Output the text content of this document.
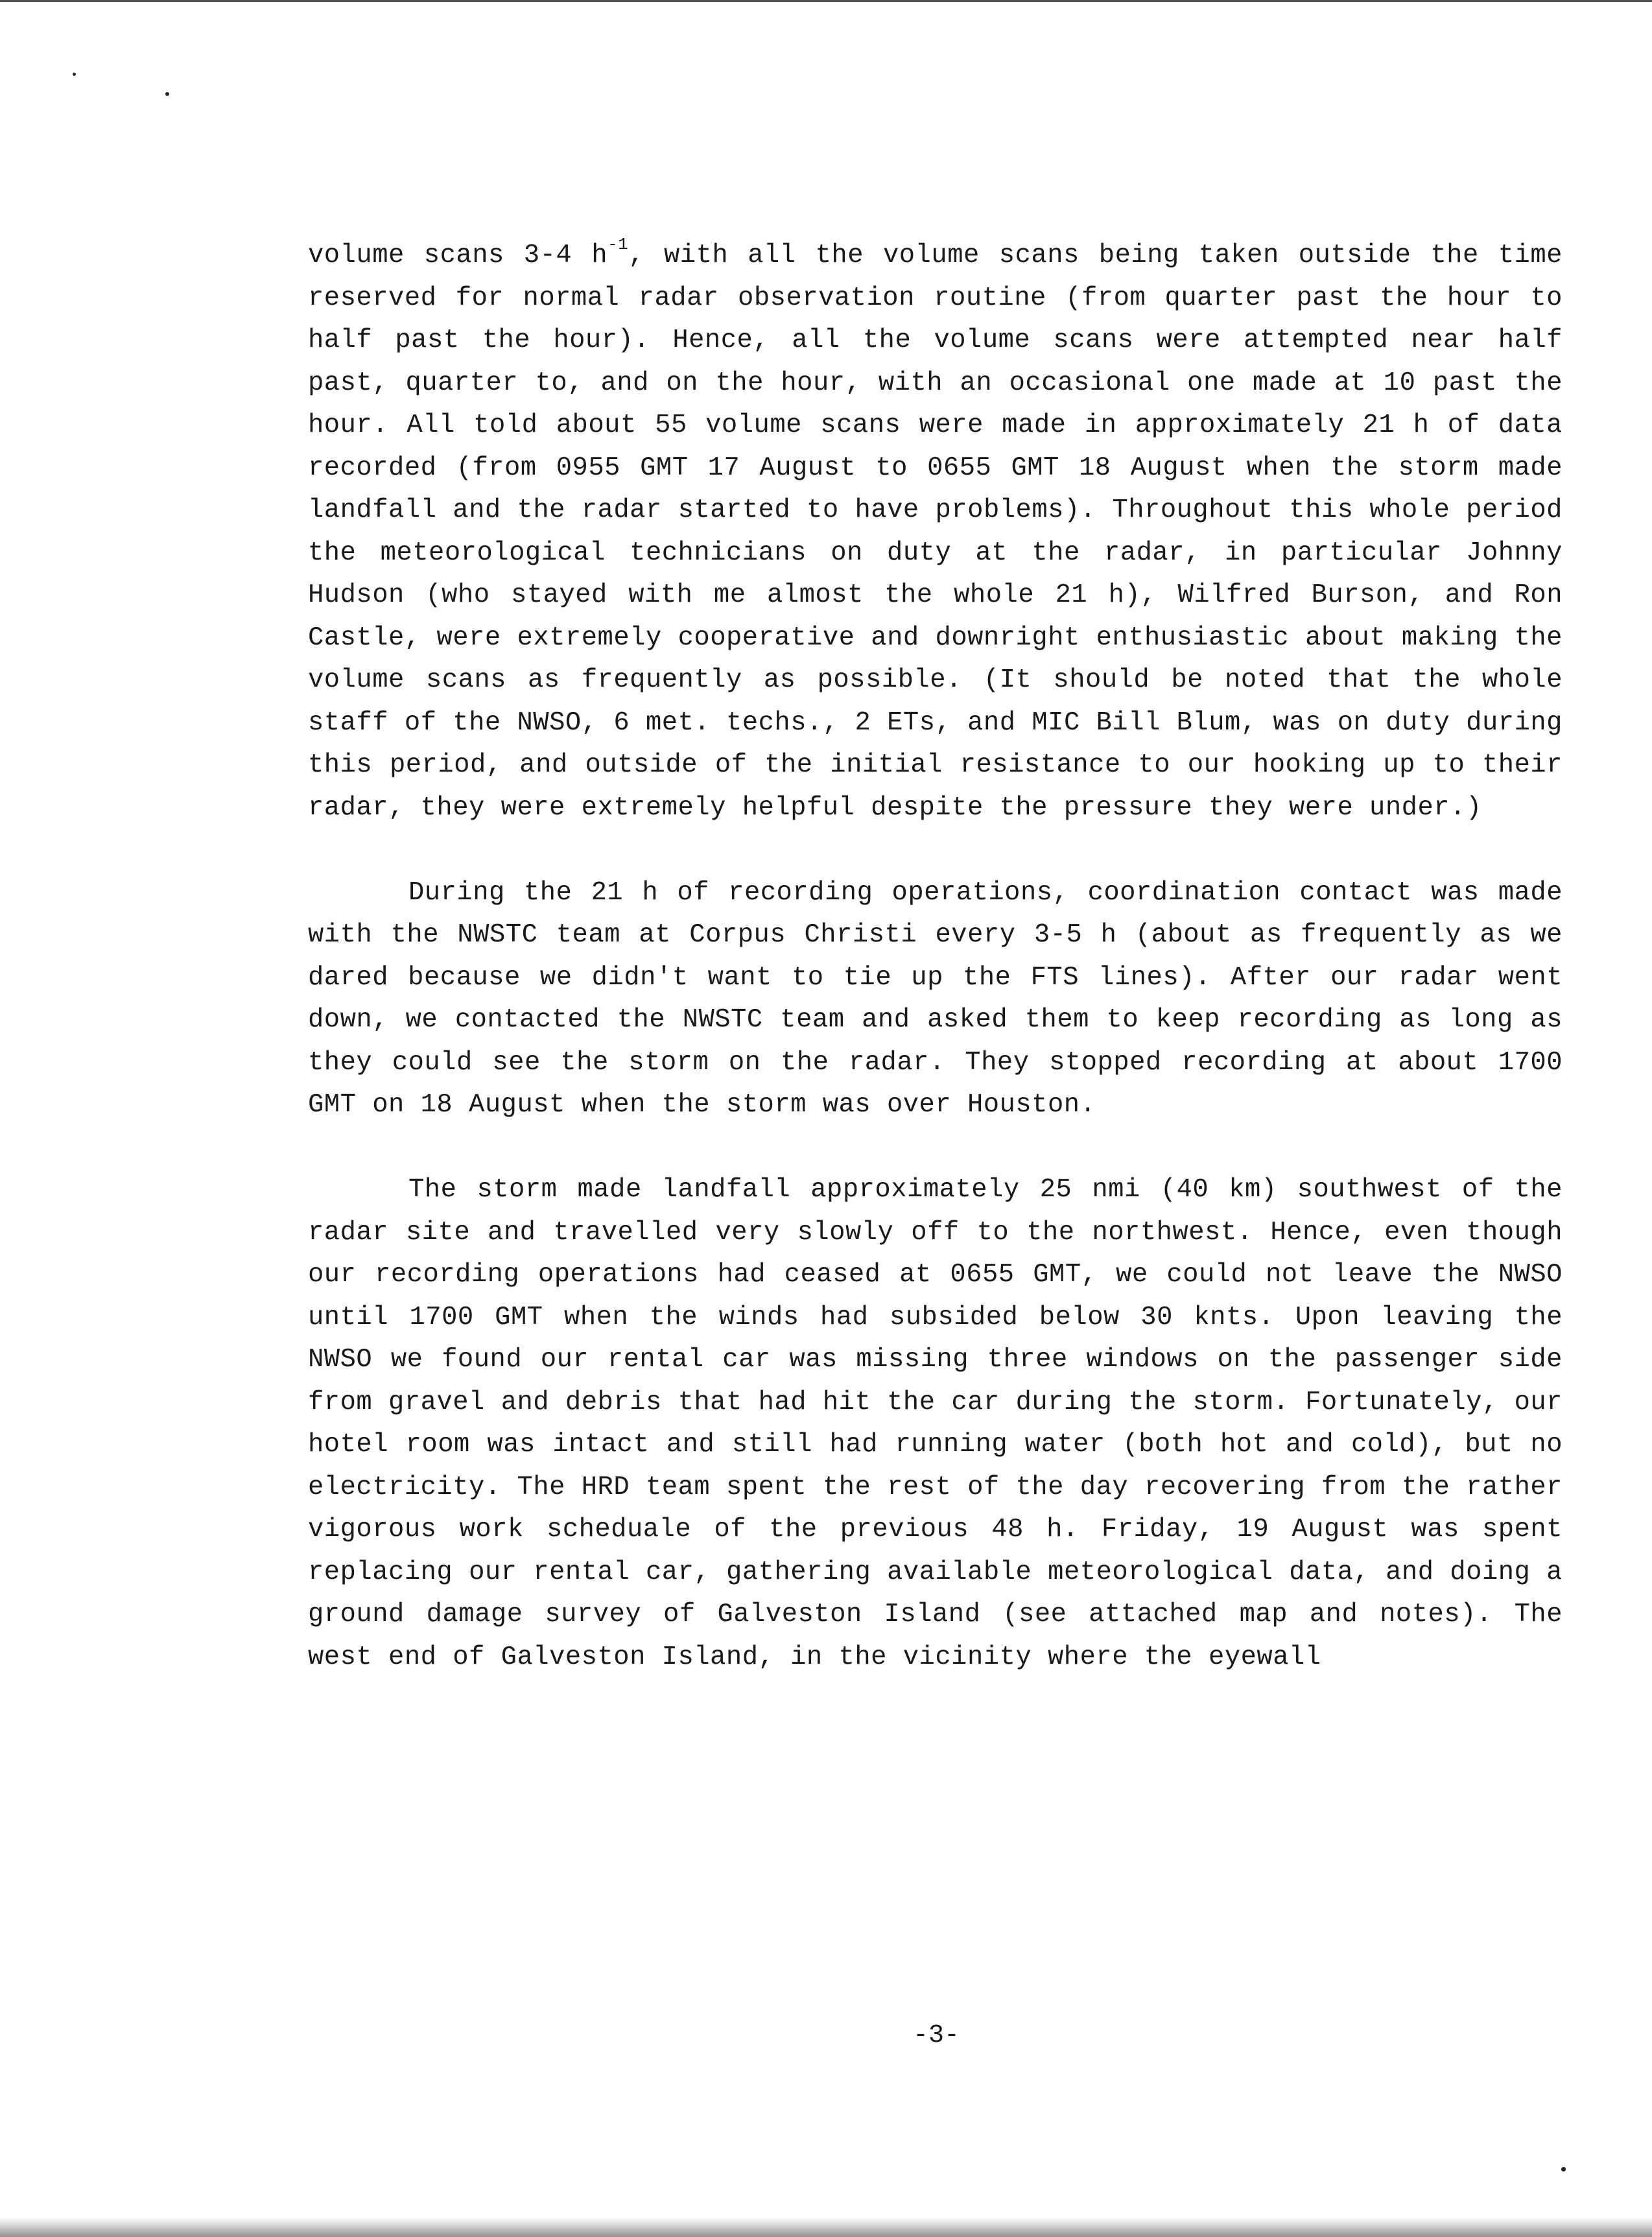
volume scans 3-4 $h^{-1}$, with all the volume scans being taken outside the time reserved for normal radar observation routine (from quarter past the hour to half past the hour). Hence, all the volume scans were attempted near half past, quarter to, and on the hour, with an occasional one made at 10 past the hour. All told about 55 volume scans were made in approximately 21 h of data recorded (from 0955 GMT 17 August to 0655 GMT 18 August when the storm made landfall and the radar started to have problems). Throughout this whole period the meteorological technicians on duty at the radar, in particular Johnny Hudson (who stayed with me almost the whole 21 h), Wilfred Burson, and Ron Castle, were extremely cooperative and downright enthusiastic about making the volume scans as frequently as possible. (It should be noted that the whole staff of the NWSO, 6 met. techs., 2 ETs, and MIC Bill Blum, was on duty during this period, and outside of the initial resistance to our hooking up to their radar, they were extremely helpful despite the pressure they were under.)

During the 21 h of recording operations, coordination contact was made with the NWSTC team at Corpus Christi every 3-5 h (about as frequently as we dared because we didn't want to tie up the FTS lines). After our radar went down, we contacted the NWSTC team and asked them to keep recording as long as they could see the storm on the radar. They stopped recording at about 1700 GMT on 18 August when the storm was over Houston.

The storm made landfall approximately 25 nmi (40 km) southwest of the radar site and travelled very slowly off to the northwest. Hence, even though our recording operations had ceased at 0655 GMT, we could not leave the NWSO until 1700 GMT when the winds had subsided below 30 knts. Upon leaving the NWSO we found our rental car was missing three windows on the passenger side from gravel and debris that had hit the car during the storm. Fortunately, our hotel room was intact and still had running water (both hot and cold), but no electricity. The HRD team spent the rest of the day recovering from the rather vigorous work scheduale of the previous 48 h. Friday, 19 August was spent replacing our rental car, gathering available meteorological data, and doing a ground damage survey of Galveston Island (see attached map and notes). The west end of Galveston Island, in the vicinity where the eyewall

-3-
